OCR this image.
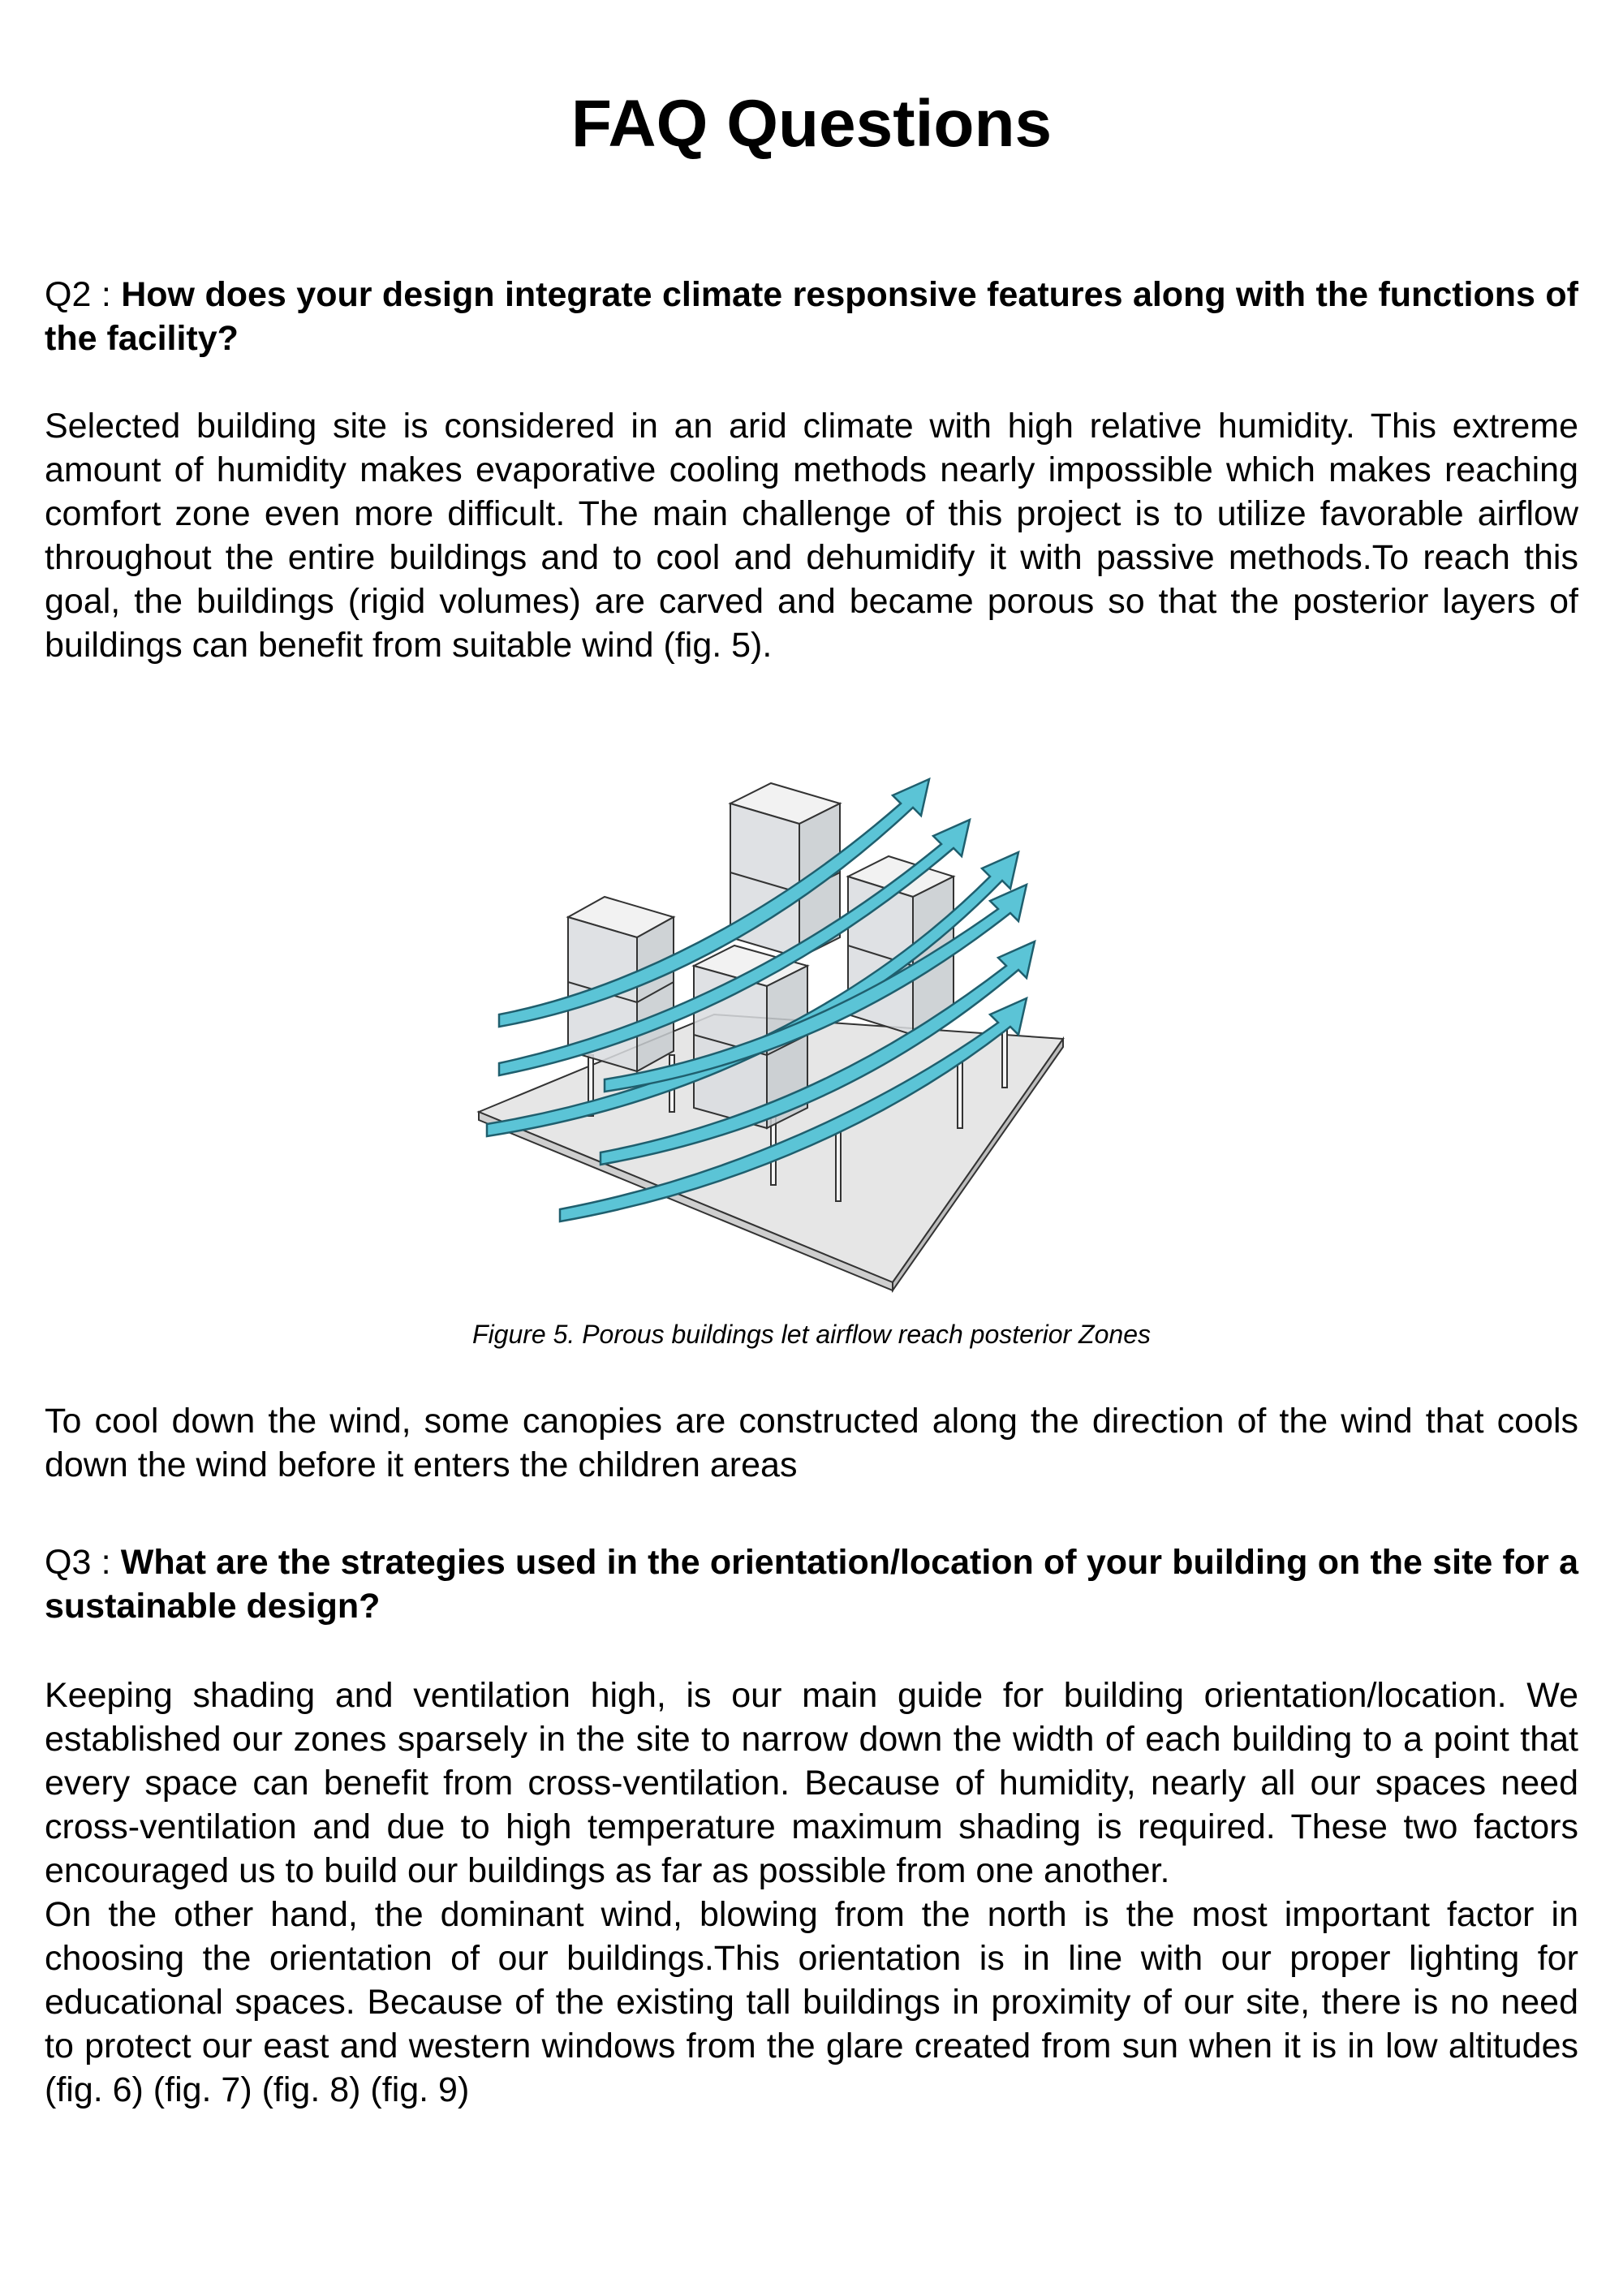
FAQ Questions
Q2 : How does your design integrate climate responsive features along with the functions of the facility?

Selected building site is considered in an arid climate with high relative humidity. This extreme amount of humidity makes evaporative cooling methods nearly impossible which makes reaching comfort zone even more difficult. The main challenge of this project is to utilize favorable airflow throughout the entire buildings and to cool and dehumidify it with passive methods.To reach this goal, the buildings (rigid volumes) are carved and became porous so that the posterior layers of buildings can benefit from suitable wind (fig. 5).

Figure 5. Porous buildings let airflow reach posterior Zones

To cool down the wind, some canopies are constructed along the direction of the wind that cools down the wind before it enters the children areas

Q3 : What are the strategies used in the orientation/location of your building on the site for a sustainable design?

Keeping shading and ventilation high, is our main guide for building orientation/location. We established our zones sparsely in the site to narrow down the width of each building to a point that every space can benefit from cross-ventilation. Because of humidity, nearly all our spaces need cross-ventilation and due to high temperature maximum shading is required. These two factors encouraged us to build our buildings as far as possible from one another.

On the other hand, the dominant wind, blowing from the north is the most important factor in choosing the orientation of our buildings.This orientation is in line with our proper lighting for educational spaces. Because of the existing tall buildings in proximity of our site, there is no need to protect our east and western windows from the glare created from sun when it is in low altitudes (fig. 6) (fig. 7) (fig. 8) (fig. 9)
